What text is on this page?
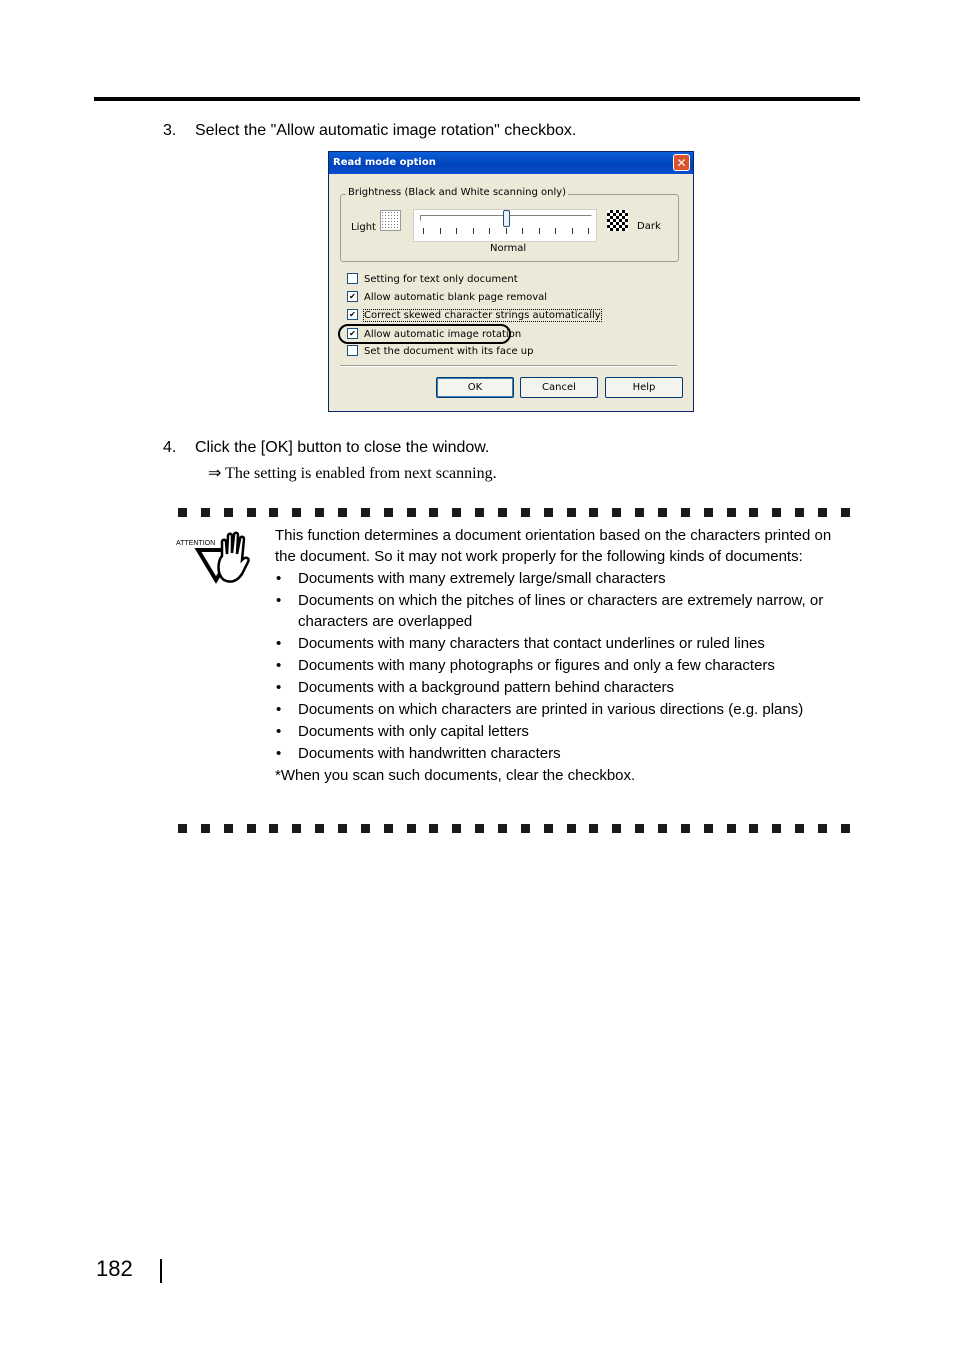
3. Select the "Allow automatic image rotation" checkbox.
Read mode option	✕
Brightness (Black and White scanning only)
Light	Dark
Normal
Setting for text only document
✔ Allow automatic blank page removal
✔ Correct skewed character strings automatically
✔ Allow automatic image rotation
Set the document with its face up
OK	Cancel	Help
4. Click the [OK] button to close the window.
⇒ The setting is enabled from next scanning.
ATTENTION	This function determines a document orientation based on the characters printed on the document. So it may not work properly for the following kinds of documents:

• Documents with many extremely large/small characters
• Documents on which the pitches of lines or characters are extremely narrow, or characters are overlapped
• Documents with many characters that contact underlines or ruled lines
• Documents with many photographs or figures and only a few characters
• Documents with a background pattern behind characters
• Documents on which characters are printed in various directions (e.g. plans)
• Documents with only capital letters
• Documents with handwritten characters

*When you scan such documents, clear the checkbox.

182
